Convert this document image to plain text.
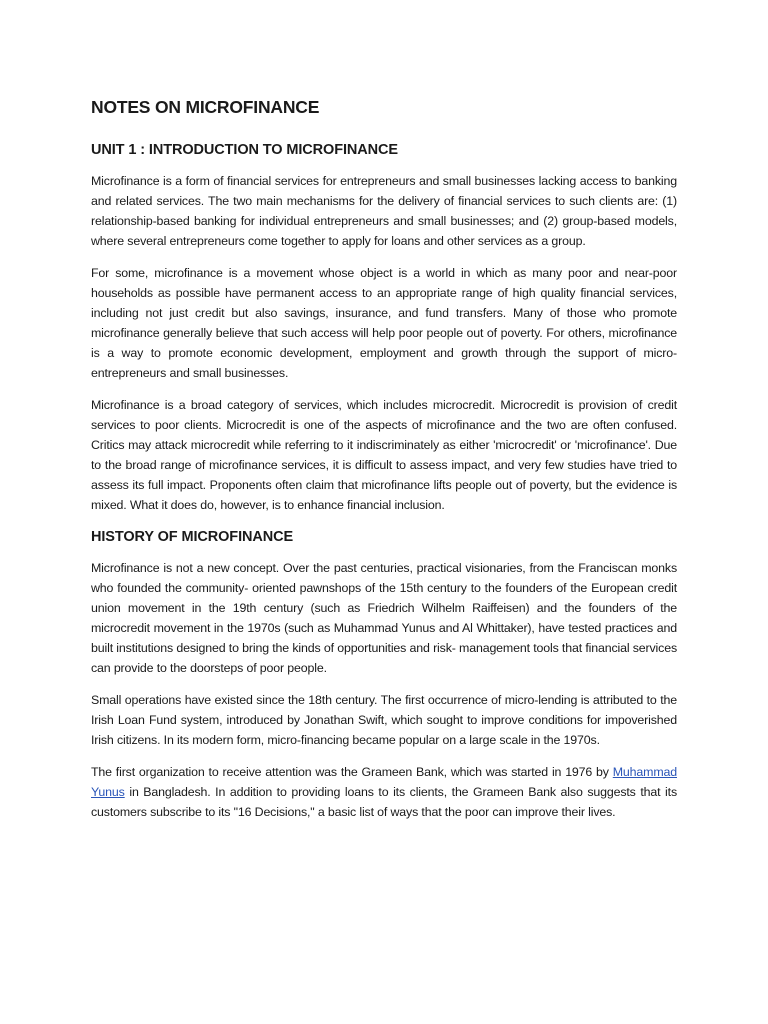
NOTES ON MICROFINANCE
UNIT 1 : INTRODUCTION TO MICROFINANCE

Microfinance is a form of financial services for entrepreneurs and small businesses lacking access to banking and related services. The two main mechanisms for the delivery of financial services to such clients are: (1) relationship-based banking for individual entrepreneurs and small businesses; and (2) group-based models, where several entrepreneurs come together to apply for loans and other services as a group.

For some, microfinance is a movement whose object is a world in which as many poor and near-poor households as possible have permanent access to an appropriate range of high quality financial services, including not just credit but also savings, insurance, and fund transfers. Many of those who promote microfinance generally believe that such access will help poor people out of poverty. For others, microfinance is a way to promote economic development, employment and growth through the support of micro-entrepreneurs and small businesses.

Microfinance is a broad category of services, which includes microcredit. Microcredit is provision of credit services to poor clients. Microcredit is one of the aspects of microfinance and the two are often confused. Critics may attack microcredit while referring to it indiscriminately as either 'microcredit' or 'microfinance'. Due to the broad range of microfinance services, it is difficult to assess impact, and very few studies have tried to assess its full impact. Proponents often claim that microfinance lifts people out of poverty, but the evidence is mixed. What it does do, however, is to enhance financial inclusion.

HISTORY OF MICROFINANCE

Microfinance is not a new concept. Over the past centuries, practical visionaries, from the Franciscan monks who founded the community- oriented pawnshops of the 15th century to the founders of the European credit union movement in the 19th century (such as Friedrich Wilhelm Raiffeisen) and the founders of the microcredit movement in the 1970s (such as Muhammad Yunus and Al Whittaker), have tested practices and built institutions designed to bring the kinds of opportunities and risk- management tools that financial services can provide to the doorsteps of poor people.

Small operations have existed since the 18th century. The first occurrence of micro-lending is attributed to the Irish Loan Fund system, introduced by Jonathan Swift, which sought to improve conditions for impoverished Irish citizens. In its modern form, micro-financing became popular on a large scale in the 1970s.

The first organization to receive attention was the Grameen Bank, which was started in 1976 by Muhammad Yunus in Bangladesh. In addition to providing loans to its clients, the Grameen Bank also suggests that its customers subscribe to its "16 Decisions," a basic list of ways that the poor can improve their lives.
